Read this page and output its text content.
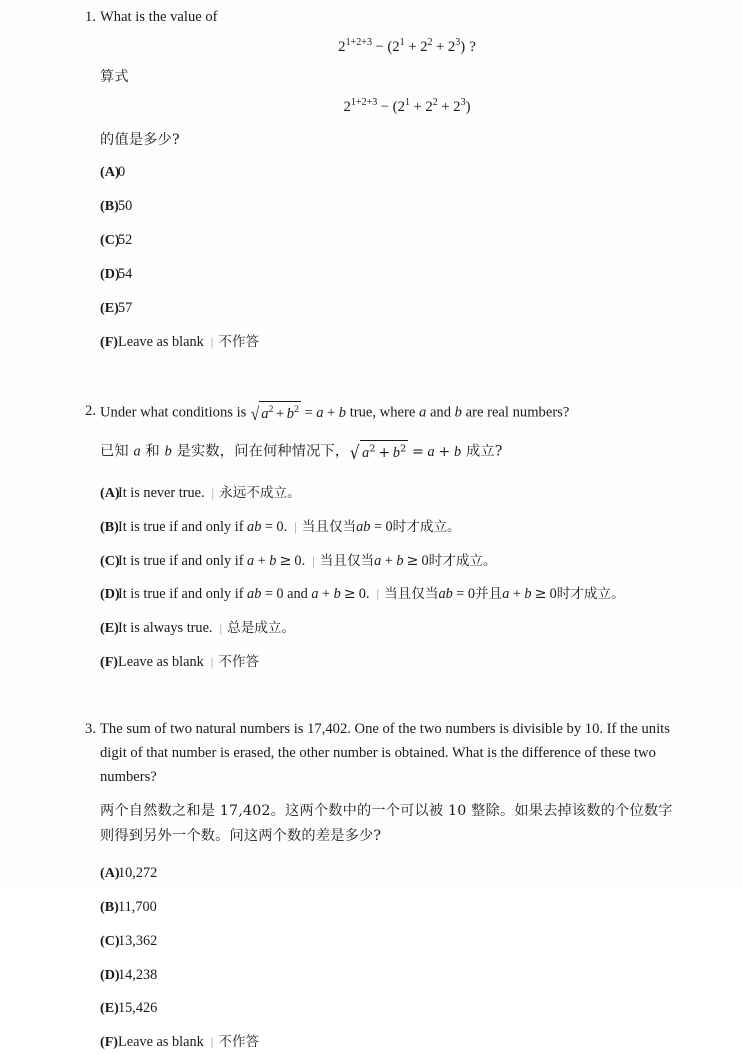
1. What is the value of
$2^{1+2+3} - (2^1 + 2^2 + 2^3)$ ?
算式
$2^{1+2+3} - (2^1 + 2^2 + 2^3)$
的值是多少?
(A)
0
(B) 50
(C)
52
(D)
54
(E) 57
(F) Leave as blank | 不作答
2. Under what conditions is √ $a^2 + b^2 = a + b$ true, where a and b are real numbers?
已知 a 和 b 是实数，问在何种情况下，√ $a^2 + b^2 = a + b$ 成立?
(A)
It is never true. | 永远不成立。
(B) It is true if and only if ab = 0. | 当且仅当ab = 0时才成立。
(C)
It is true if and only if a + b ≥ 0. | 当且仅当a + b ≥ 0时才成立。
(D)
It is true if and only if ab = 0 and a + b ≥ 0. | 当且仅当ab = 0并且a + b ≥ 0时才成立。
(E) It is always true. | 总是成立。
(F) Leave as blank | 不作答
3. The sum of two natural numbers is 17,402. One of the two numbers is divisible by 10. If the units digit of that number is erased, the other number is obtained. What is the difference of these two numbers?
两个自然数之和是 17,402。这两个数中的一个可以被 10 整除。如果去掉该数的个位数字则得到另外一个数。问这两个数的差是多少?
(A)
10,272
(B) 11,700
(C)
13,362
(D)
14,238
(E) 15,426
(F) Leave as blank | 不作答
